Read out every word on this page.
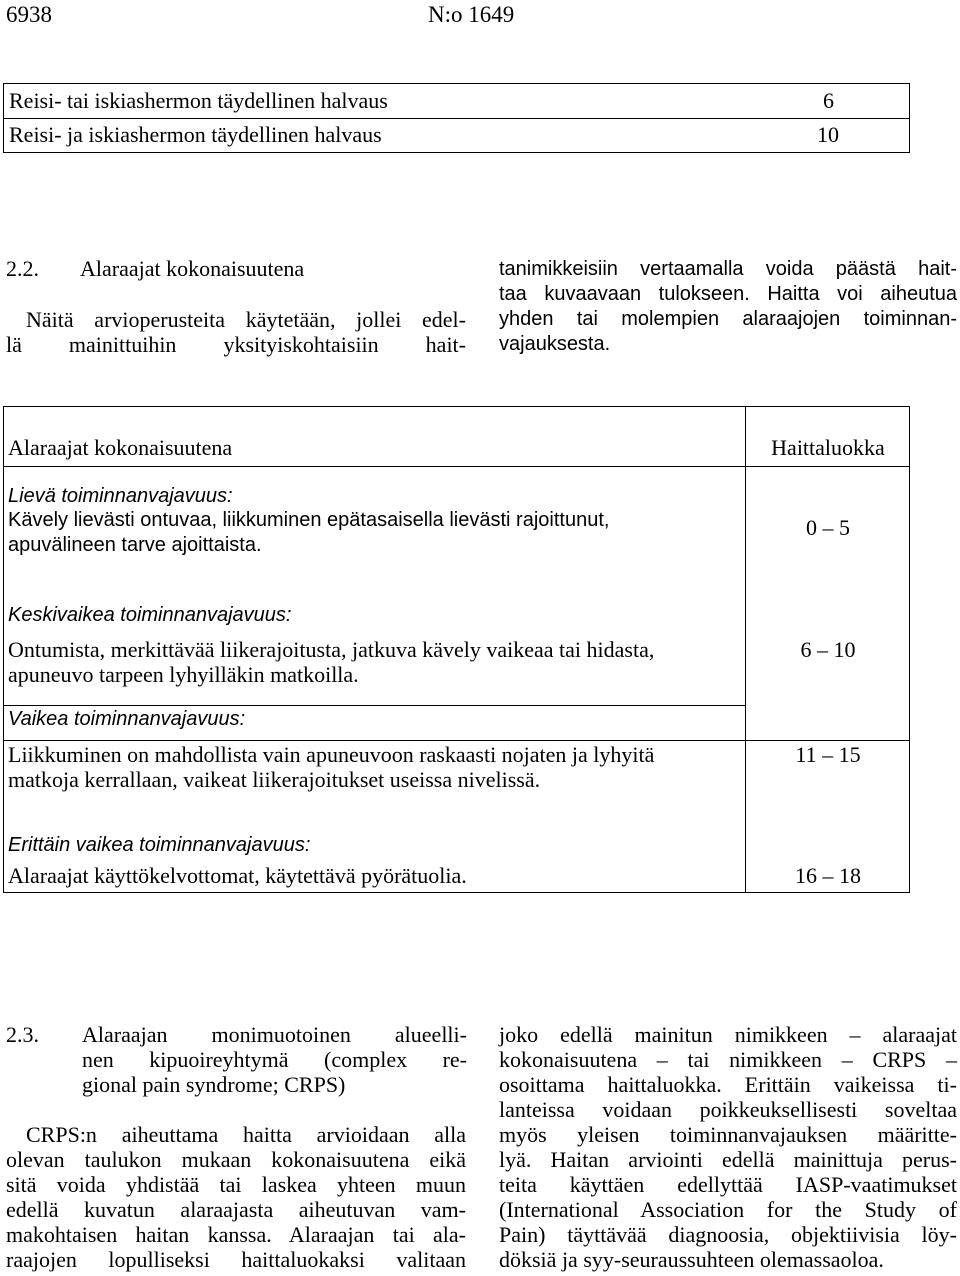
6938	N:o 1649
Reisi- tai iskiashermon täydellinen halvaus	6
Reisi- ja iskiashermon täydellinen halvaus	10
2.2. Alaraajat kokonaisuutena
Näitä arvioperusteita käytetään, jollei edel-
lä mainittuihin yksityiskohtaisiin hait-
tanimikkeisiin vertaamalla voida päästä hait-
taa kuvaavaan tulokseen. Haitta voi aiheutua
yhden tai molempien alaraajojen toiminnan-
vajauksesta.
Alaraajat kokonaisuutena	Haittaluokka
Lievä toiminnanvajavuus:
Kävely lievästi ontuvaa, liikkuminen epätasaisella lievästi rajoittunut,
apuvälineen tarve ajoittaista.
0 – 5
Keskivaikea toiminnanvajavuus:
Ontumista, merkittävää liikerajoitusta, jatkuva kävely vaikeaa tai hidasta,
apuneuvo tarpeen lyhyilläkin matkoilla.
6 – 10
Vaikea toiminnanvajavuus:
Liikkuminen on mahdollista vain apuneuvoon raskaasti nojaten ja lyhyitä
matkoja kerrallaan, vaikeat liikerajoitukset useissa nivelissä.
11 – 15
Erittäin vaikea toiminnanvajavuus:
Alaraajat käyttökelvottomat, käytettävä pyörätuolia.	16 – 18
2.3. Alaraajan monimuotoinen alueelli-
nen kipuoireyhtymä (complex re-
gional pain syndrome; CRPS)
CRPS:n aiheuttama haitta arvioidaan alla
olevan taulukon mukaan kokonaisuutena eikä
sitä voida yhdistää tai laskea yhteen muun
edellä kuvatun alaraajasta aiheutuvan vam-
makohtaisen haitan kanssa. Alaraajan tai ala-
raajojen lopulliseksi haittaluokaksi valitaan
joko edellä mainitun nimikkeen – alaraajat
kokonaisuutena – tai nimikkeen – CRPS –
osoittama haittaluokka. Erittäin vaikeissa ti-
lanteissa voidaan poikkeuksellisesti soveltaa
myös yleisen toiminnanvajauksen määritte-
lyä. Haitan arviointi edellä mainittuja perus-
teita käyttäen edellyttää IASP-vaatimukset
(International Association for the Study of
Pain) täyttävää diagnoosia, objektiivisia löy-
döksiä ja syy-seuraussuhteen olemassaoloa.
